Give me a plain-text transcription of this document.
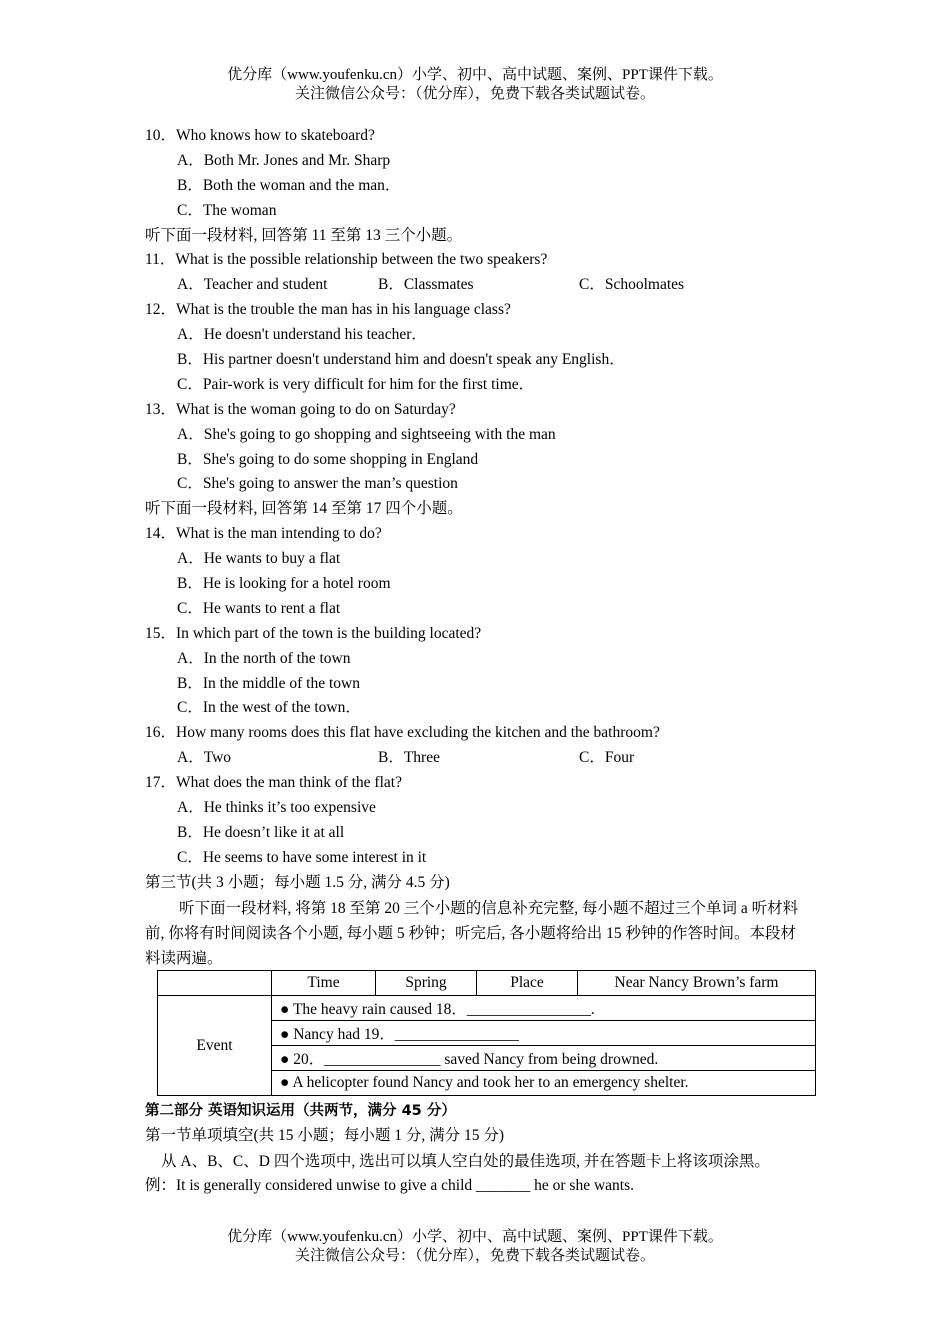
优分库（www.youfenku.cn）小学、初中、高中试题、案例、PPT课件下载。
关注微信公众号：（优分库），免费下载各类试题试卷。
10．Who knows how to skateboard?
A．Both Mr. Jones and Mr. Sharp
B．Both the woman and the man．
C．The woman
听下面一段材料, 回答第 11 至第 13 三个小题。
11．What is the possible relationship between the two speakers?
A．Teacher and student	B．Classmates	C．Schoolmates
12．What is the trouble the man has in his language class?
A．He doesn't understand his teacher．
B．His partner doesn't understand him and doesn't speak any English．
C．Pair-work is very difficult for him for the first time．
13．What is the woman going to do on Saturday?
A．She's going to go shopping and sightseeing with the man
B．She's going to do some shopping in England
C．She's going to answer the man’s question
听下面一段材料, 回答第 14 至第 17 四个小题。
14．What is the man intending to do?
A．He wants to buy a flat
B．He is looking for a hotel room
C．He wants to rent a flat
15．In which part of the town is the building located?
A．In the north of the town
B．In the middle of the town
C．In the west of the town．
16．How many rooms does this flat have excluding the kitchen and the bathroom?
A．Two	B．Three	C．Four
17．What does the man think of the flat?
A．He thinks it’s too expensive
B．He doesn’t like it at all
C．He seems to have some interest in it
第三节(共 3 小题；每小题 1.5 分, 满分 4.5 分)
听下面一段材料, 将第 18 至第 20 三个小题的信息补充完整, 每小题不超过三个单词 a 听材料前, 你将有时间阅读各个小题, 每小题 5 秒钟；听完后, 各小题将给出 15 秒钟的作答时间。本段材料读两遍。
	Time	Spring	Place	Near Nancy Brown’s farm
Event	● The heavy rain caused 18．________________.			
	● Nancy had 19．________________			
	● 20．_______________ saved Nancy from being drowned.			
	● A helicopter found Nancy and took her to an emergency shelter.			
第二部分 英语知识运用（共两节，满分 45 分）
第一节单项填空(共 15 小题；每小题 1 分, 满分 15 分)
从 A、B、C、D 四个选项中, 选出可以填人空白处的最佳选项, 并在答题卡上将该项涂黑。
例：It is generally considered unwise to give a child _______ he or she wants.
优分库（www.youfenku.cn）小学、初中、高中试题、案例、PPT课件下载。
关注微信公众号：（优分库），免费下载各类试题试卷。
